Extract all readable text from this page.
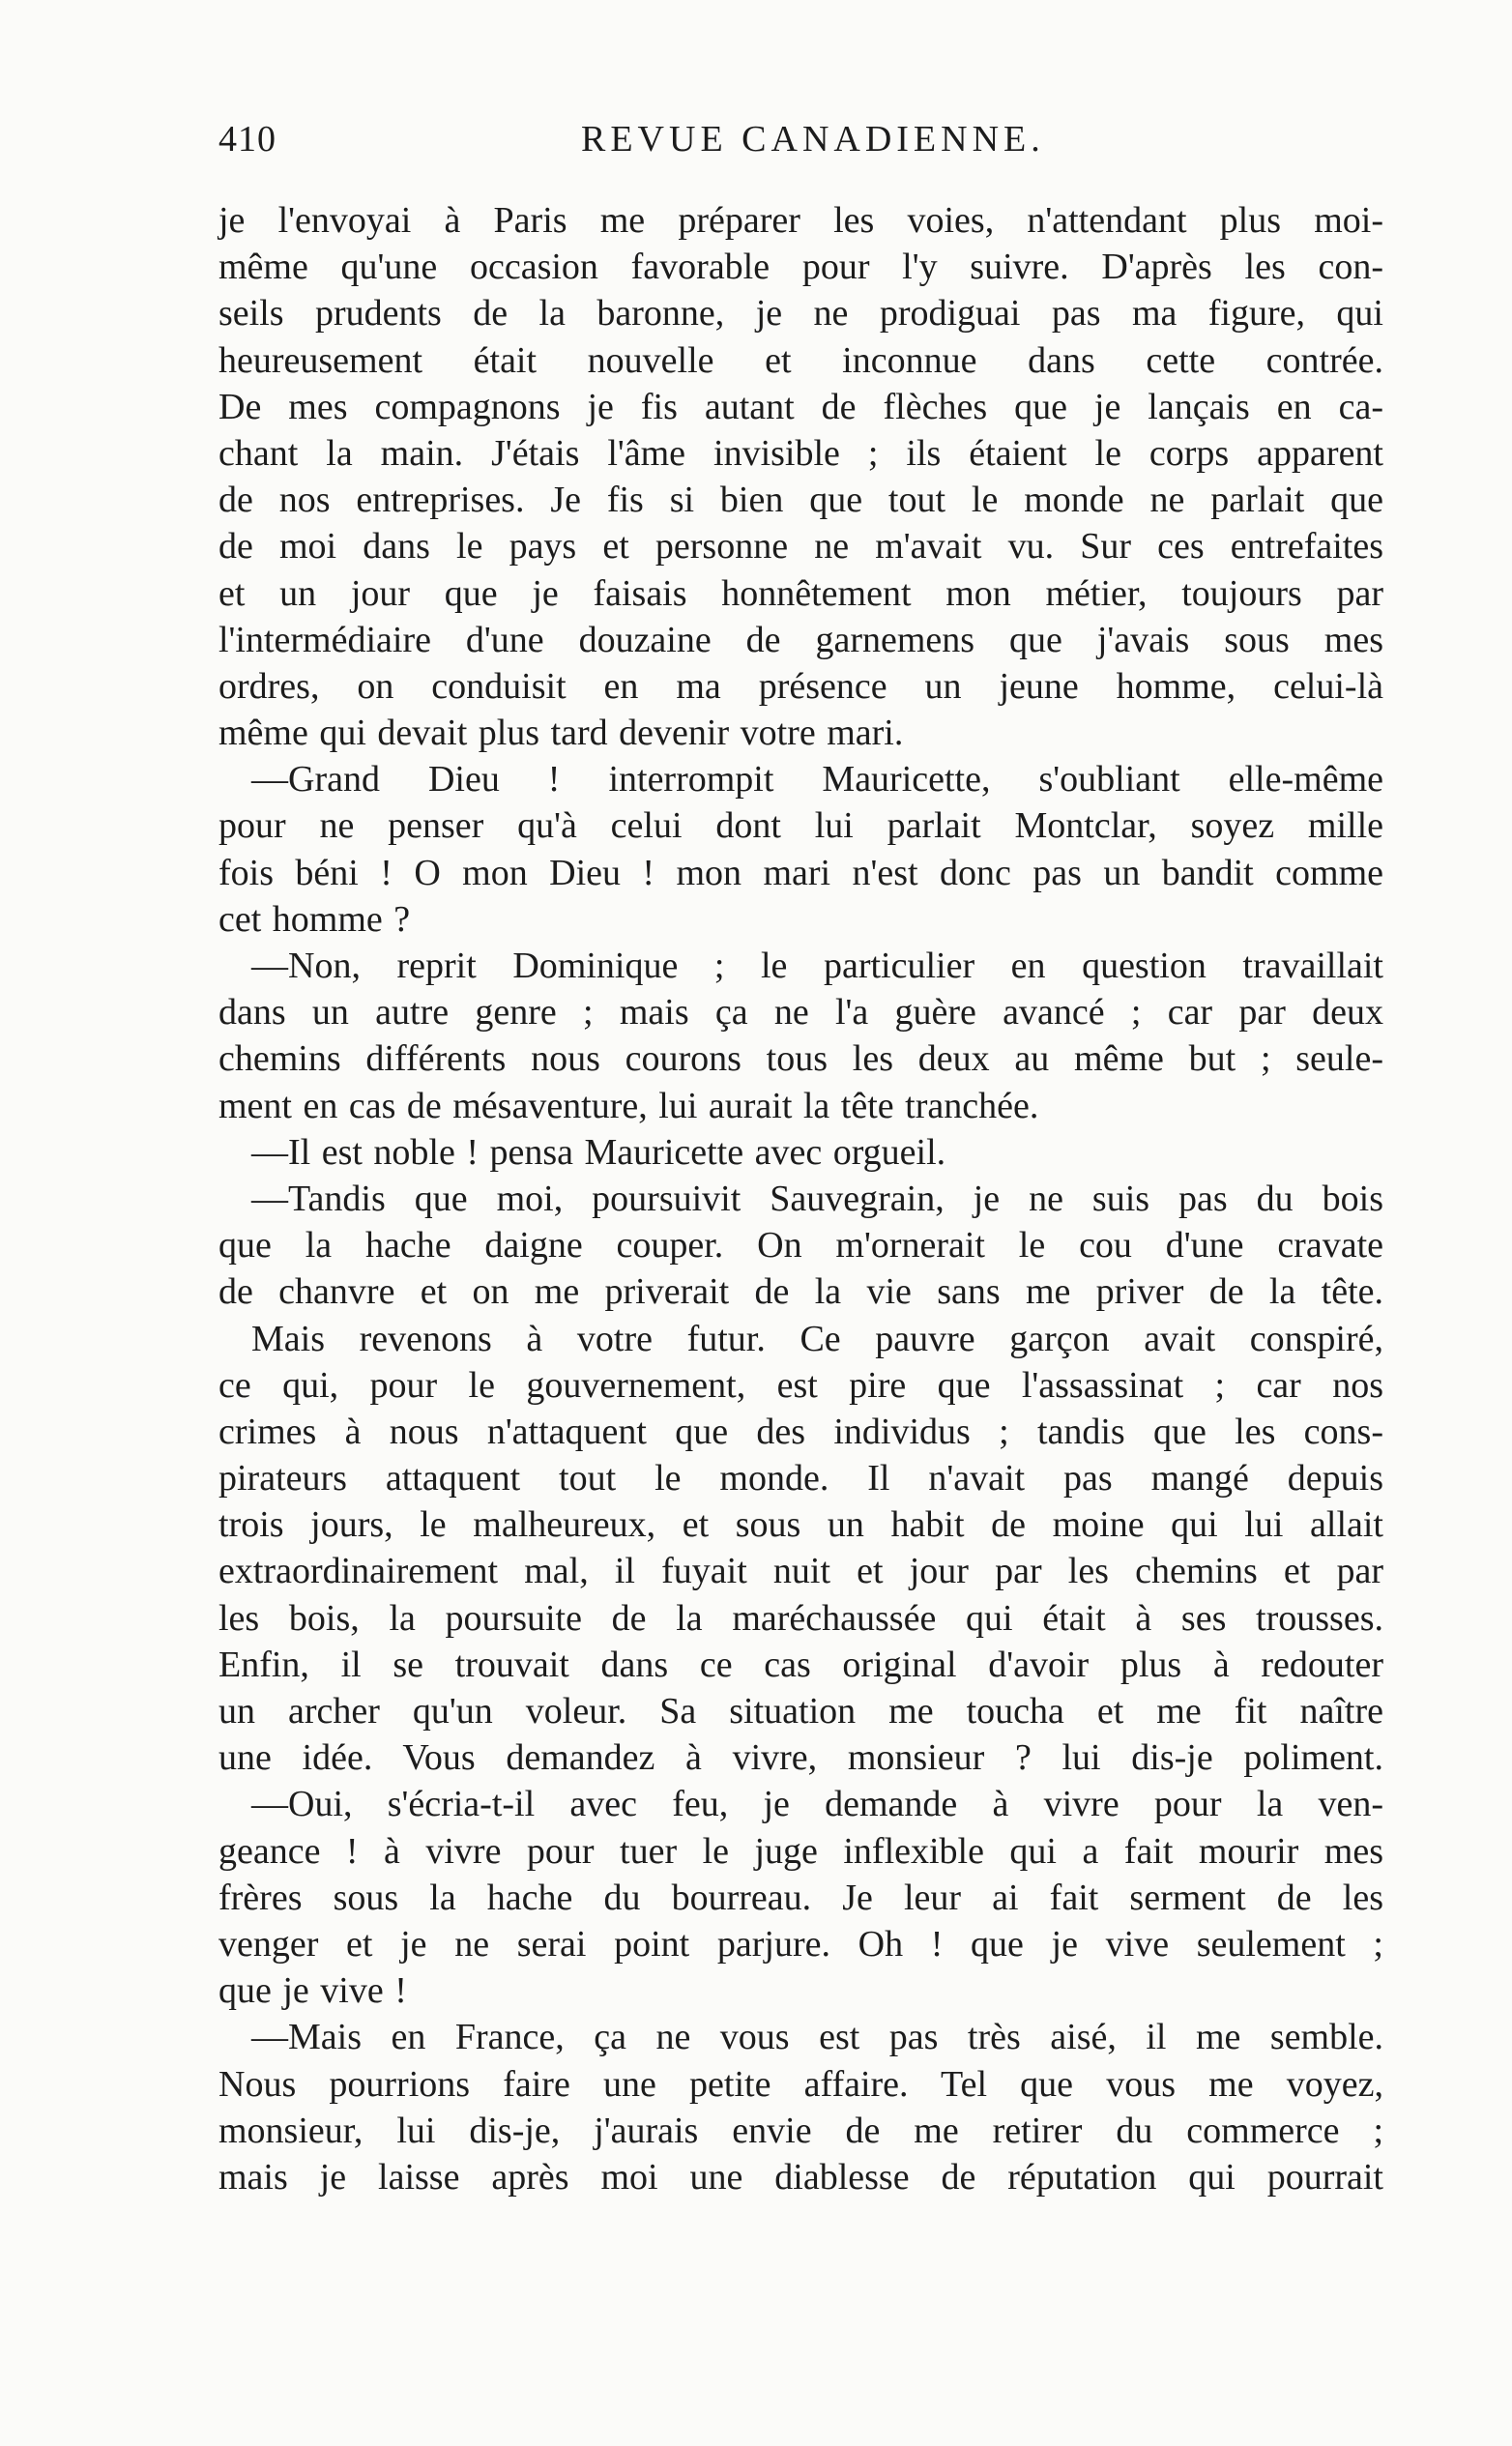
410	REVUE CANADIENNE.
je l'envoyai à Paris me préparer les voies, n'attendant plus moi-
même qu'une occasion favorable pour l'y suivre. D'après les con-
seils prudents de la baronne, je ne prodiguai pas ma figure, qui
heureusement était nouvelle et inconnue dans cette contrée.
De mes compagnons je fis autant de flèches que je lançais en ca-
chant la main. J'étais l'âme invisible ; ils étaient le corps apparent
de nos entreprises. Je fis si bien que tout le monde ne parlait que
de moi dans le pays et personne ne m'avait vu. Sur ces entrefaites
et un jour que je faisais honnêtement mon métier, toujours par
l'intermédiaire d'une douzaine de garnemens que j'avais sous mes
ordres, on conduisit en ma présence un jeune homme, celui-là
même qui devait plus tard devenir votre mari.
—Grand Dieu ! interrompit Mauricette, s'oubliant elle-même
pour ne penser qu'à celui dont lui parlait Montclar, soyez mille
fois béni ! O mon Dieu ! mon mari n'est donc pas un bandit comme
cet homme ?
—Non, reprit Dominique ; le particulier en question travaillait
dans un autre genre ; mais ça ne l'a guère avancé ; car par deux
chemins différents nous courons tous les deux au même but ; seule-
ment en cas de mésaventure, lui aurait la tête tranchée.
—Il est noble ! pensa Mauricette avec orgueil.
—Tandis que moi, poursuivit Sauvegrain, je ne suis pas du bois
que la hache daigne couper. On m'ornerait le cou d'une cravate
de chanvre et on me priverait de la vie sans me priver de la tête.
Mais revenons à votre futur. Ce pauvre garçon avait conspiré,
ce qui, pour le gouvernement, est pire que l'assassinat ; car nos
crimes à nous n'attaquent que des individus ; tandis que les cons-
pirateurs attaquent tout le monde. Il n'avait pas mangé depuis
trois jours, le malheureux, et sous un habit de moine qui lui allait
extraordinairement mal, il fuyait nuit et jour par les chemins et par
les bois, la poursuite de la maréchaussée qui était à ses trousses.
Enfin, il se trouvait dans ce cas original d'avoir plus à redouter
un archer qu'un voleur. Sa situation me toucha et me fit naître
une idée. Vous demandez à vivre, monsieur ? lui dis-je poliment.
—Oui, s'écria-t-il avec feu, je demande à vivre pour la ven-
geance ! à vivre pour tuer le juge inflexible qui a fait mourir mes
frères sous la hache du bourreau. Je leur ai fait serment de les
venger et je ne serai point parjure. Oh ! que je vive seulement ;
que je vive !
—Mais en France, ça ne vous est pas très aisé, il me semble.
Nous pourrions faire une petite affaire. Tel que vous me voyez,
monsieur, lui dis-je, j'aurais envie de me retirer du commerce ;
mais je laisse après moi une diablesse de réputation qui pourrait
